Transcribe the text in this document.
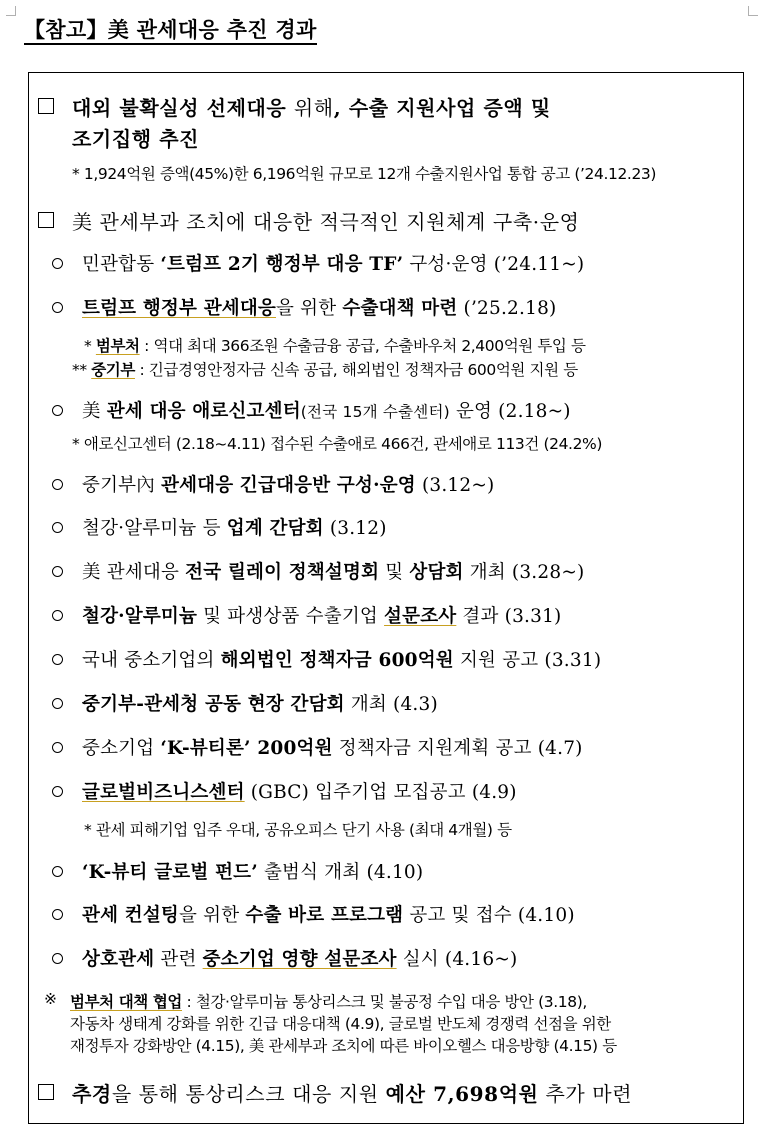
【참고】美 관세대응 추진 경과
대외 불확실성 선제대응 위해, 수출 지원사업 증액 및
조기집행 추진
* 1,924억원 증액(45%)한 6,196억원 규모로 12개 수출지원사업 통합 공고 (’24.12.23)
美 관세부과 조치에 대응한 적극적인 지원체계 구축·운영
민관합동 ‘트럼프 2기 행정부 대응 TF’ 구성·운영 (’24.11~)
트럼프 행정부 관세대응을 위한 수출대책 마련 (’25.2.18)
* 범부처 : 역대 최대 366조원 수출금융 공급, 수출바우처 2,400억원 투입 등
** 중기부 : 긴급경영안정자금 신속 공급, 해외법인 정책자금 600억원 지원 등
美 관세 대응 애로신고센터(전국 15개 수출센터) 운영 (2.18~)
* 애로신고센터 (2.18~4.11) 접수된 수출애로 466건, 관세애로 113건 (24.2%)
중기부內 관세대응 긴급대응반 구성·운영 (3.12~)
철강·알루미늄 등 업계 간담회 (3.12)
美 관세대응 전국 릴레이 정책설명회 및 상담회 개최 (3.28~)
철강·알루미늄 및 파생상품 수출기업 설문조사 결과 (3.31)
국내 중소기업의 해외법인 정책자금 600억원 지원 공고 (3.31)
중기부-관세청 공동 현장 간담회 개최 (4.3)
중소기업 ‘K-뷰티론’ 200억원 정책자금 지원계획 공고 (4.7)
글로벌비즈니스센터 (GBC) 입주기업 모집공고 (4.9)
* 관세 피해기업 입주 우대, 공유오피스 단기 사용 (최대 4개월) 등
‘K-뷰티 글로벌 펀드’ 출범식 개최 (4.10)
관세 컨설팅을 위한 수출 바로 프로그램 공고 및 접수 (4.10)
상호관세 관련 중소기업 영향 설문조사 실시 (4.16~)
※ 범부처 대책 협업 : 철강·알루미늄 통상리스크 및 불공정 수입 대응 방안 (3.18),
자동차 생태계 강화를 위한 긴급 대응대책 (4.9), 글로벌 반도체 경쟁력 선점을 위한
재정투자 강화방안 (4.15), 美 관세부과 조치에 따른 바이오헬스 대응방향 (4.15) 등
추경을 통해 통상리스크 대응 지원 예산 7,698억원 추가 마련
